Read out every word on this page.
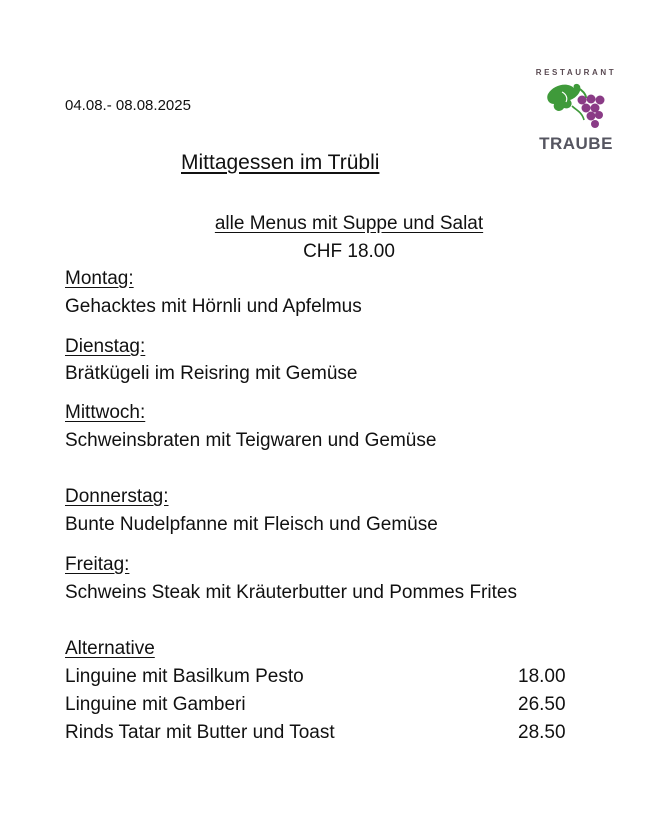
04.08.- 08.08.2025
RESTAURANT
TRAUBE
Mittagessen im Trübli
alle Menus mit Suppe und Salat
CHF 18.00
Montag:
Gehacktes mit Hörnli und Apfelmus
Dienstag:
Brätkügeli im Reisring mit Gemüse
Mittwoch:
Schweinsbraten mit Teigwaren und Gemüse
Donnerstag:
Bunte Nudelpfanne mit Fleisch und Gemüse
Freitag:
Schweins Steak mit Kräuterbutter und Pommes Frites
Alternative
Linguine mit Basilkum Pesto	18.00
Linguine mit Gamberi	26.50
Rinds Tatar mit Butter und Toast	28.50
